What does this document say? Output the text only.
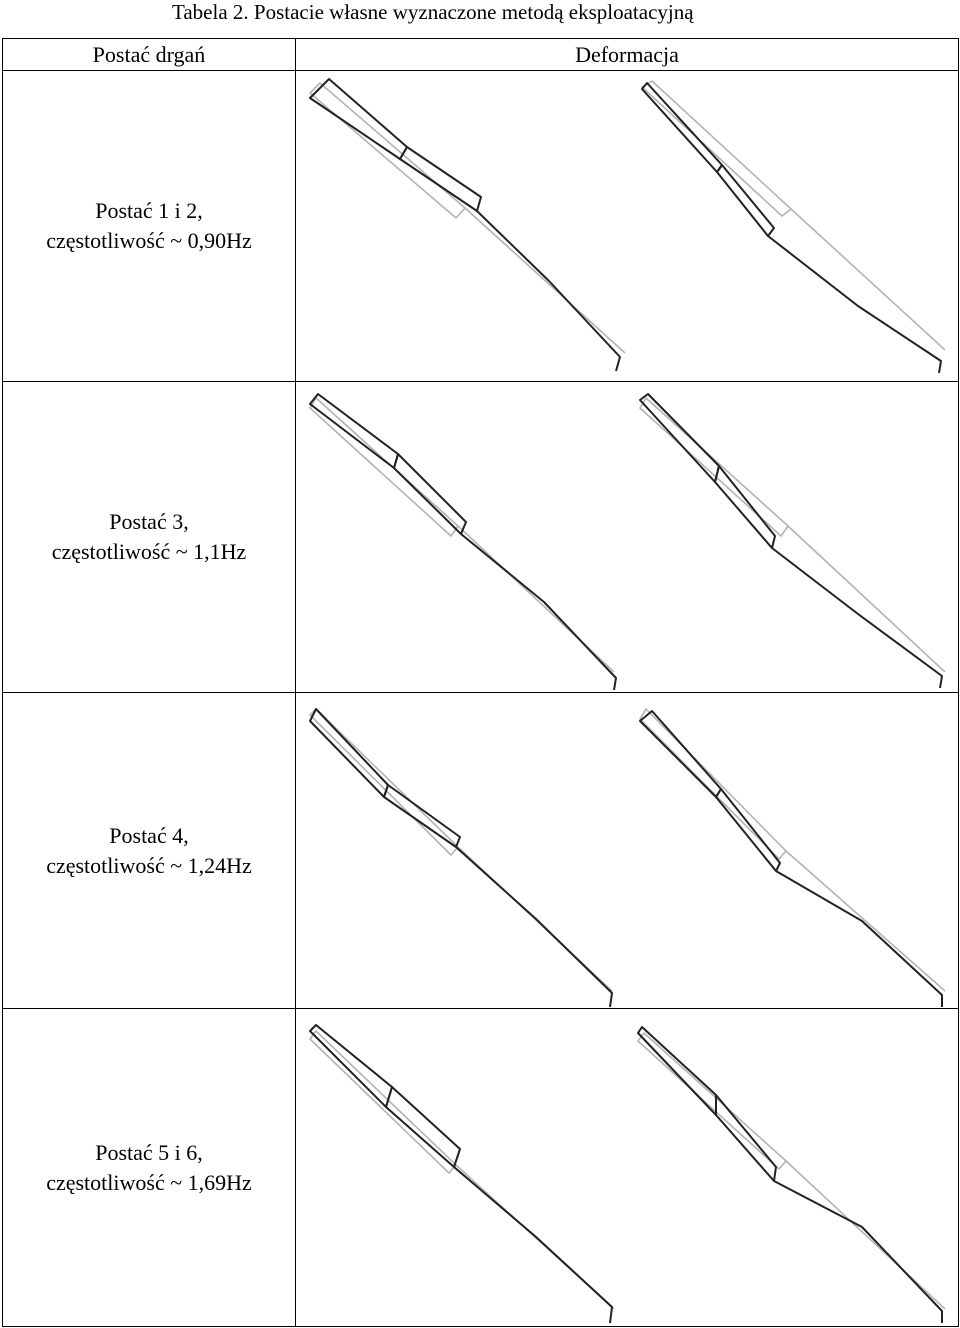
Tabela 2. Postacie własne wyznaczone metodą eksploatacyjną
Postać drgań	Deformacja

Postać 1 i 2,
częstotliwość ~ 0,90Hz

Postać 3,
częstotliwość ~ 1,1Hz

Postać 4,
częstotliwość ~ 1,24Hz

Postać 5 i 6,
częstotliwość ~ 1,69Hz
